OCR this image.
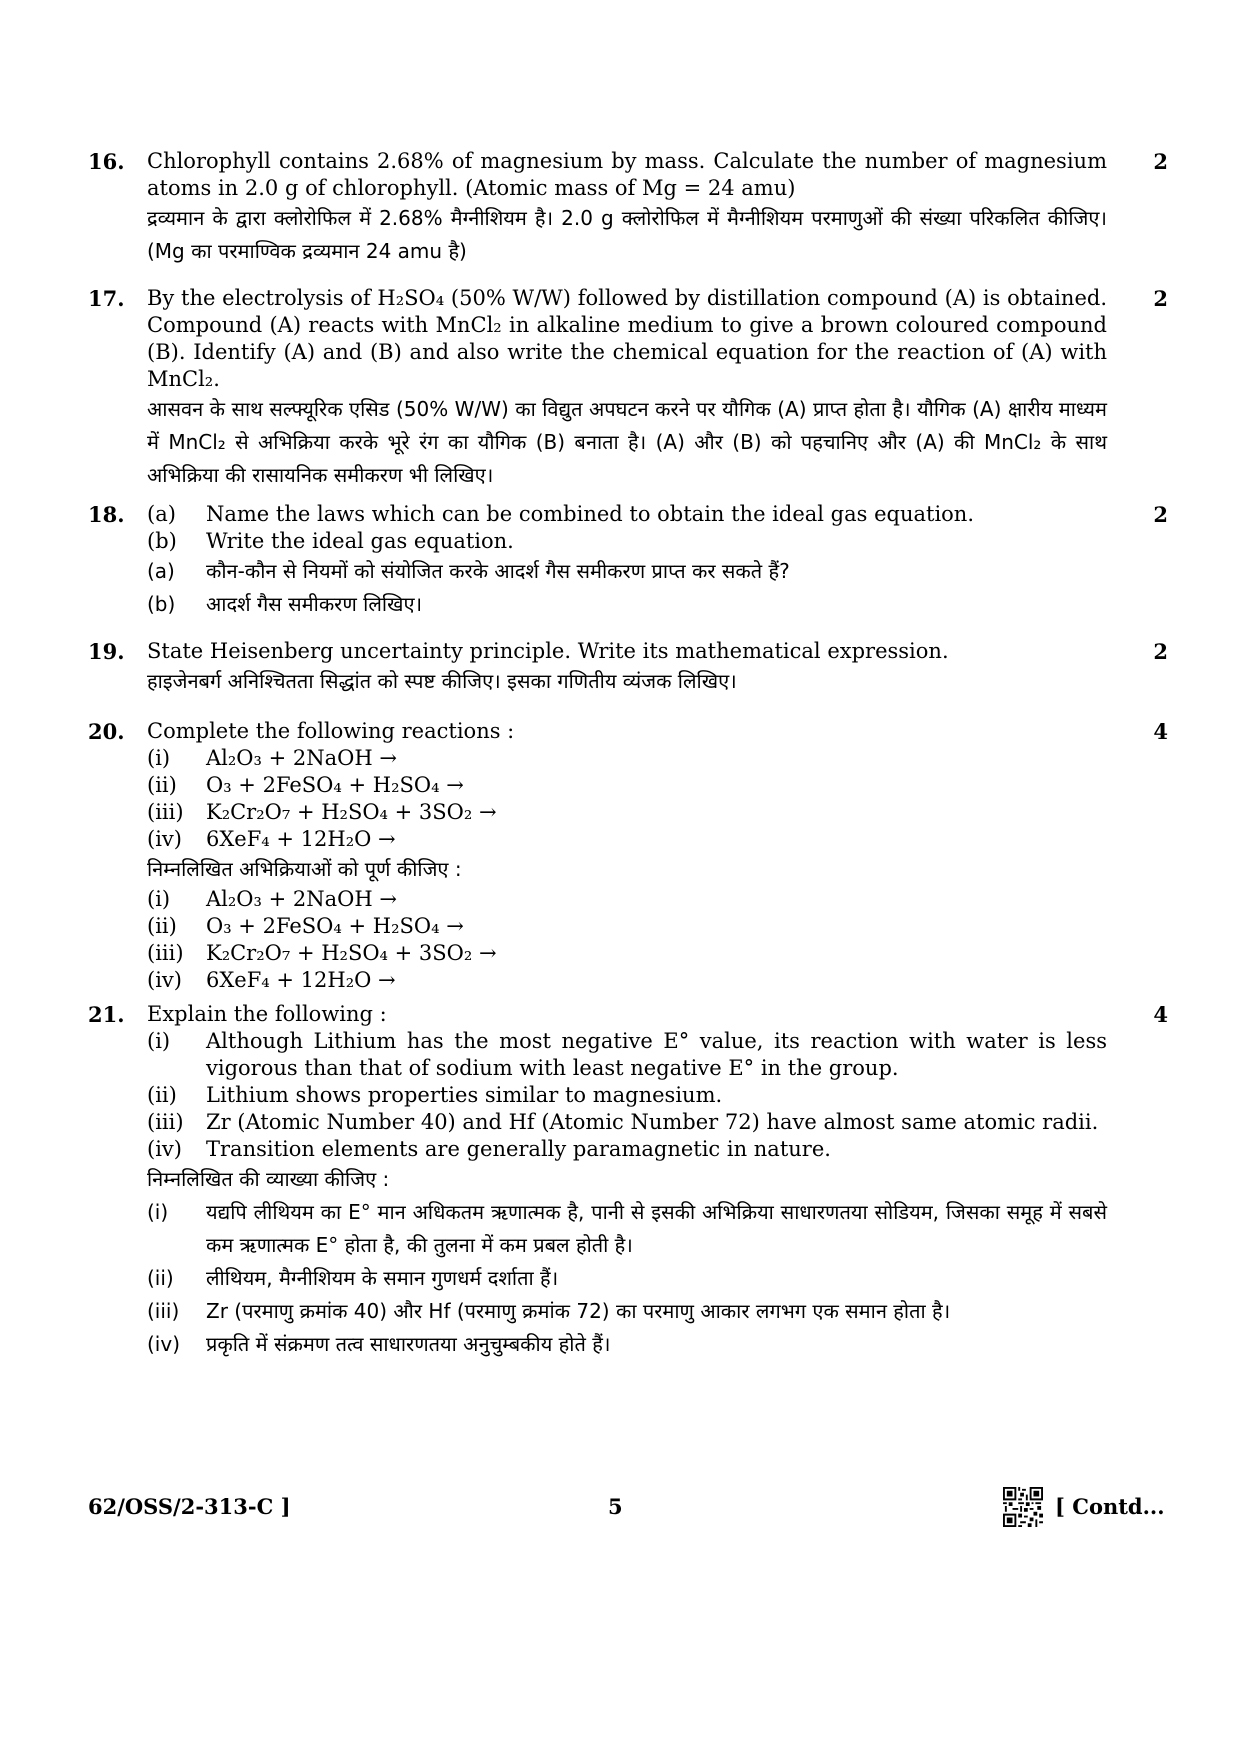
16.	2

Chlorophyll contains 2.68% of magnesium by mass. Calculate the number of magnesium atoms in 2.0 g of chlorophyll. (Atomic mass of Mg = 24 amu)

द्रव्यमान के द्वारा क्लोरोफिल में 2.68% मैग्नीशियम है। 2.0 g क्लोरोफिल में मैग्नीशियम परमाणुओं की संख्या परिकलित कीजिए। (Mg का परमाण्विक द्रव्यमान 24 amu है)

17.	2

By the electrolysis of H₂SO₄ (50% W/W) followed by distillation compound (A) is obtained. Compound (A) reacts with MnCl₂ in alkaline medium to give a brown coloured compound (B). Identify (A) and (B) and also write the chemical equation for the reaction of (A) with MnCl₂.

आसवन के साथ सल्फ्यूरिक एसिड (50% W/W) का विद्युत अपघटन करने पर यौगिक (A) प्राप्त होता है। यौगिक (A) क्षारीय माध्यम में MnCl₂ से अभिक्रिया करके भूरे रंग का यौगिक (B) बनाता है। (A) और (B) को पहचानिए और (A) की MnCl₂ के साथ अभिक्रिया की रासायनिक समीकरण भी लिखिए।

18.	2
(a)	Name the laws which can be combined to obtain the ideal gas equation.
(b)	Write the ideal gas equation.
(a)	कौन-कौन से नियमों को संयोजित करके आदर्श गैस समीकरण प्राप्त कर सकते हैं?
(b)	आदर्श गैस समीकरण लिखिए।
19.	2

State Heisenberg uncertainty principle. Write its mathematical expression.

हाइजेनबर्ग अनिश्चितता सिद्धांत को स्पष्ट कीजिए। इसका गणितीय व्यंजक लिखिए।

20.	4

Complete the following reactions :

(i)	Al₂O₃ + 2NaOH →
(ii)	O₃ + 2FeSO₄ + H₂SO₄ →
(iii)	K₂Cr₂O₇ + H₂SO₄ + 3SO₂ →
(iv)	6XeF₄ + 12H₂O →

निम्नलिखित अभिक्रियाओं को पूर्ण कीजिए :

(i)	Al₂O₃ + 2NaOH →
(ii)	O₃ + 2FeSO₄ + H₂SO₄ →
(iii)	K₂Cr₂O₇ + H₂SO₄ + 3SO₂ →
(iv)	6XeF₄ + 12H₂O →
21.	4

Explain the following :

(i)	Although Lithium has the most negative E° value, its reaction with water is less vigorous than that of sodium with least negative E° in the group.
(ii)	Lithium shows properties similar to magnesium.
(iii)	Zr (Atomic Number 40) and Hf (Atomic Number 72) have almost same atomic radii.
(iv)	Transition elements are generally paramagnetic in nature.

निम्नलिखित की व्याख्या कीजिए :

(i)	यद्यपि लीथियम का E° मान अधिकतम ऋणात्मक है, पानी से इसकी अभिक्रिया साधारणतया सोडियम, जिसका समूह में सबसे कम ऋणात्मक E° होता है, की तुलना में कम प्रबल होती है।
(ii)	लीथियम, मैग्नीशियम के समान गुणधर्म दर्शाता हैं।
(iii)	Zr (परमाणु क्रमांक 40) और Hf (परमाणु क्रमांक 72) का परमाणु आकार लगभग एक समान होता है।
(iv)	प्रकृति में संक्रमण तत्व साधारणतया अनुचुम्बकीय होते हैं।
62/OSS/2-313-C ]	5	[ Contd...
